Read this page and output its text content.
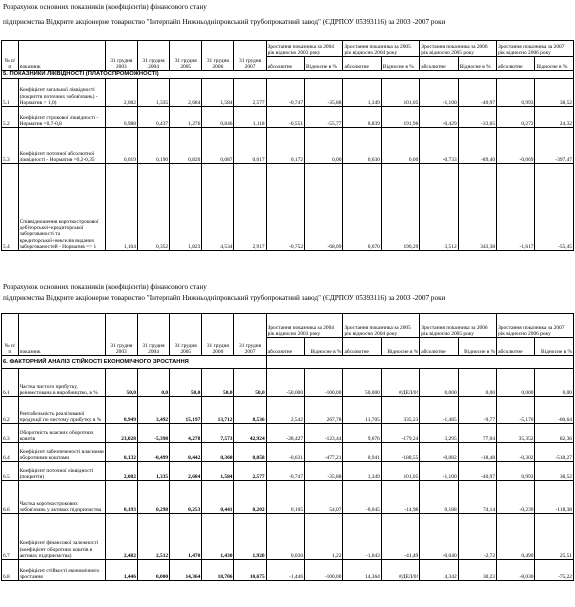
Розрахунок основних показників (коефіцієнтів) фінансового стану
підприємства Відкрите акціонерне товариство "Інтерпайп Нижньодніпровський трубопрокатний завод" (ЄДРПОУ 05393116) за 2003 -2007 роки
№ п/п	показник	31 грудня 2003	31 грудня 2004	31 грудня 2005	31 грудня 2006	31 грудня 2007	Зростання показника за 2004 рік відносно 2003 року		Зростання показника за 2005 рік відносно 2004 року		Зростання показника за 2006 рік відносно 2005 року		Зростання показника за 2007 рік відносно 2006 року	
							абсолютне	Відносне в %	абсолютне	Відносне в %	абсолютне	Відносне в %	абсолютне	Відносне в %
5. ПОКАЗНИКИ ЛІКВІДНОСТІ (ПЛАТОСПРОМОЖНОСТІ)														
5.1	Коефіцієнт загальної ліквідності (покриття поточних зобов'язань) - Норматив > 1,0)	2,082	1,335	2,684	1,584	2,577	-0,747	-35,88	1,349	101,05	-1,100	-40,97	0,993	38,52
5.2	Коефіцієнт строкової ліквідності - Норматив =0,7-0,8	0,988	0,437	1,276	0,846	1,118	-0,551	-55,77	0,839	191,96	-0,429	-33,65	0,272	24,32
5.3	Коефіцієнт поточної абсолютної ліквідності - Норматив =0,2-0,35	0,019	0,190	0,820	0,087	0,017	0,172	0,00	0,630	0,00	-0,733	-89,40	-0,069	-397,47
5.4	Співвідношення короткострокової дебіторської+кредиторської заборгованості та кредиторської+векселів виданих заборгованостей - Норматив => 1	1,104	0,352	1,823	4,534	2,917	-0,752	-68,09	0,670	190,29	3,512	343,38	-1,617	-55,45
Розрахунок основних показників (коефіцієнтів) фінансового стану
підприємства Відкрите акціонерне товариство "Інтерпайп Нижньодніпровський трубопрокатний завод" (ЄДРПОУ 05393116) за 2003 -2007 роки
№ п/п	показник	31 грудня 2003	31 грудня 2004	31 грудня 2005	31 грудня 2006	31 грудня 2007	Зростання показника за 2004 рік відносно 2003 року		Зростання показника за 2005 рік відносно 2004 року		Зростання показника за 2006 рік відносно 2005 року		Зростання показника за 2007 рік відносно 2006 року	
							абсолютне	Відносне в %	абсолютне	Відносне в %	абсолютне	Відносне в %	абсолютне	Відносне в %
6. ФАКТОРНИЙ АНАЛІЗ СТІЙКОСТІ ЕКОНОМІЧНОГО ЗРОСТАННЯ														
6.1	Частка чистого прибутку, реінвестована в виробництво, в %	50,0	0,0	50,0	50,0	50,0	-50,000	-100,00	50,000	#ДЕЛ/0!	0,000	0,00	0,000	0,00
6.2	Рентабельність реалізованої продукції по чистому прибутку в %	0,949	3,492	15,197	13,712	8,536	2,542	267,78	11,705	335,23	-1,485	-9,77	-5,176	-60,64
6.3	Оборотність власних оборотних коштів	23,028	-5,398	4,278	7,573	42,924	-28,427	-123,44	9,676	-179,24	3,295	77,04	35,352	82,36
6.4	Коефіцієнт забезпеченості власними оборотними коштами	0,132	-0,499	0,442	0,360	0,058	-0,631	-477,21	0,941	-188,55	-0,082	-18,48	-0,302	-518,27
6.5	Коефіцієнт поточної ліквідності (покриття)	2,082	1,335	2,684	1,584	2,577	-0,747	-35,88	1,349	101,05	-1,100	-40,97	0,993	38,52
6.6	Частка короткострокових зобов'язань у активах підприємства	0,193	0,298	0,253	0,441	0,202	0,105	54,07	-0,045	-14,98	0,188	74,14	-0,239	-118,38
6.7	Коефіцієнт фінансової залежності (коефіцієнт оборотних коштів в активах підприємства)	2,482	2,512	1,470	1,430	1,920	0,030	1,22	-1,043	-41,49	-0,040	-2,72	0,490	25,51
6.8	Коефіцієнт стійкості економічного зростання	1,446	0,000	14,364	18,706	10,675	-1,446	-100,00	14,364	#ДЕЛ/0!	4,342	30,23	-8,030	-75,22
